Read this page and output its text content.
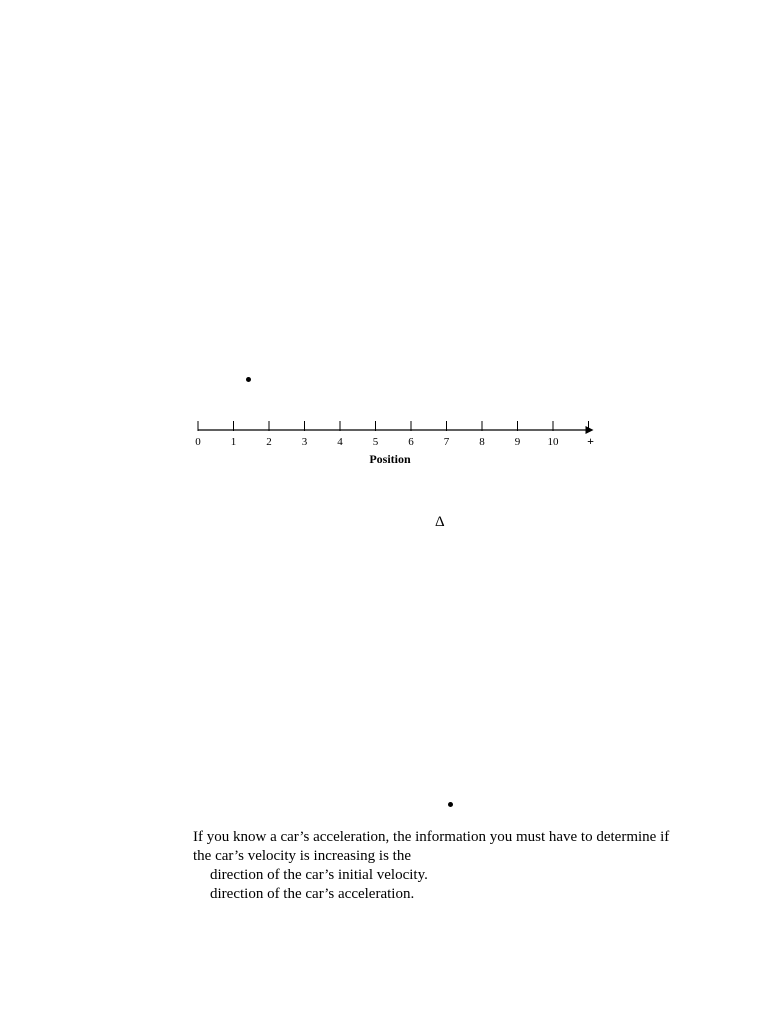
0	1	2	3	4	5	6	7	8	9 10 +
Position
Δ
If you know a car’s acceleration, the information you must have to determine if the car’s velocity is increasing is the
direction of the car’s initial velocity.
direction of the car’s acceleration.
